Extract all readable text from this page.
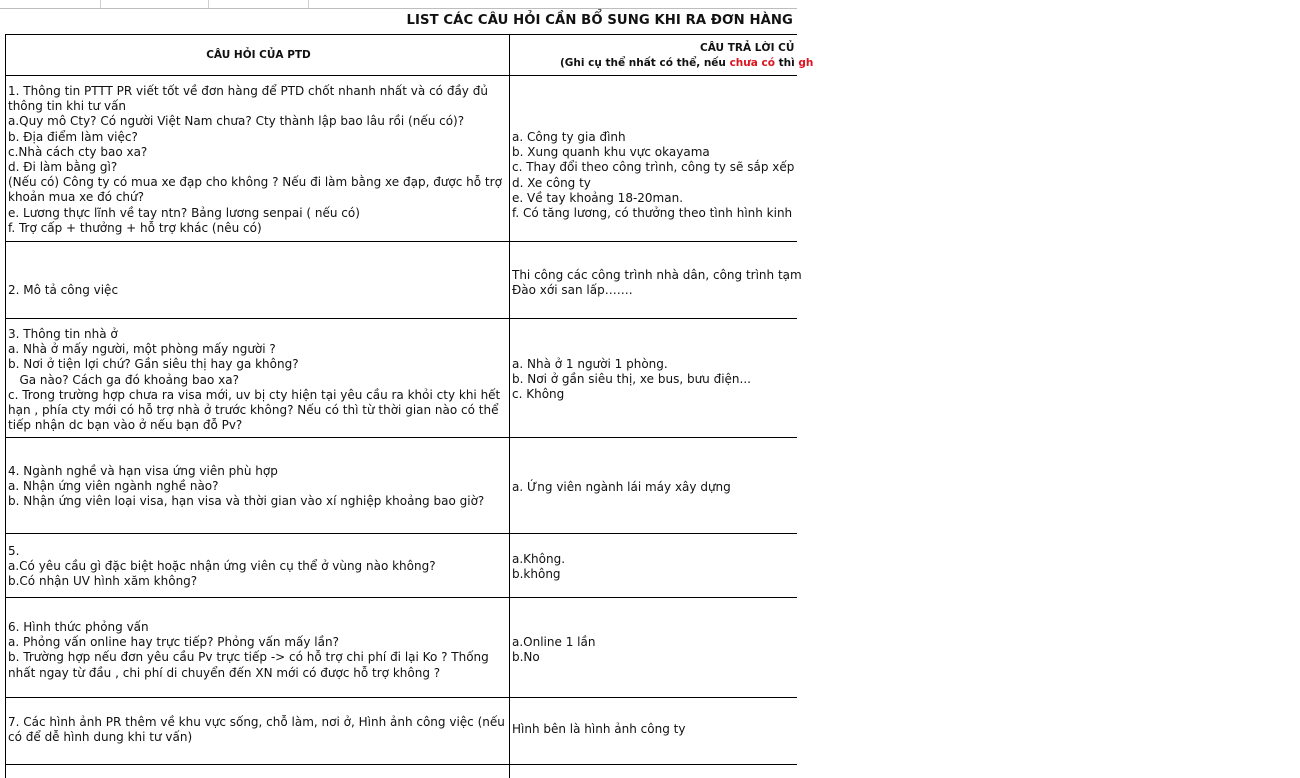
LIST CÁC CÂU HỎI CẦN BỔ SUNG KHI RA ĐƠN HÀNG
CÂU HỎI CỦA PTD
CÂU TRẢ LỜI CỦ
(Ghi cụ thể nhất có thể, nếu chưa có thì gh
1. Thông tin PTTT PR viết tốt về đơn hàng để PTD chốt nhanh nhất và có đầy đủ
thông tin khi tư vấn
a.Quy mô Cty? Có người Việt Nam chưa? Cty thành lập bao lâu rồi (nếu có)?
b. Địa điểm làm việc?
c.Nhà cách cty bao xa?
d. Đi làm bằng gì?
(Nếu có) Công ty có mua xe đạp cho không ? Nếu đi làm bằng xe đạp, được hỗ trợ
khoản mua xe đó chứ?
e. Lương thực lĩnh về tay ntn? Bảng lương senpai ( nếu có)
f. Trợ cấp + thưởng + hỗ trợ khác (nêu có)
a. Công ty gia đình
b. Xung quanh khu vực okayama
c. Thay đổi theo công trình, công ty sẽ sắp xếp
d. Xe công ty
e. Về tay khoảng 18-20man.
f. Có tăng lương, có thưởng theo tình hình kinh
2. Mô tả công việc
Thi công các công trình nhà dân, công trình tạm
Đào xới san lấp…….
3. Thông tin nhà ở
a. Nhà ở mấy người, một phòng mấy người ?
b. Nơi ở tiện lợi chứ? Gần siêu thị hay ga không?
Ga nào? Cách ga đó khoảng bao xa?
c. Trong trường hợp chưa ra visa mới, uv bị cty hiện tại yêu cầu ra khỏi cty khi hết
hạn , phía cty mới có hỗ trợ nhà ở trước không? Nếu có thì từ thời gian nào có thể
tiếp nhận dc bạn vào ở nếu bạn đỗ Pv?
a. Nhà ở 1 người 1 phòng.
b. Nơi ở gần siêu thị, xe bus, bưu điện...
c. Không
4. Ngành nghề và hạn visa ứng viên phù hợp
a. Nhận ứng viên ngành nghề nào?
b. Nhận ứng viên loại visa, hạn visa và thời gian vào xí nghiệp khoảng bao giờ?
a. Ứng viên ngành lái máy xây dựng
5.
a.Có yêu cầu gì đặc biệt hoặc nhận ứng viên cụ thể ở vùng nào không?
b.Có nhận UV hình xăm không?
a.Không.
b.không
6. Hình thức phỏng vấn
a. Phỏng vấn online hay trực tiếp? Phỏng vấn mấy lần?
b. Trường hợp nếu đơn yêu cầu Pv trực tiếp -> có hỗ trợ chi phí đi lại Ko ? Thống
nhất ngay từ đầu , chi phí di chuyển đến XN mới có được hỗ trợ không ?
a.Online 1 lần
b.No
7. Các hình ảnh PR thêm về khu vực sống, chỗ làm, nơi ở, Hình ảnh công việc (nếu
có để dễ hình dung khi tư vấn)
Hình bên là hình ảnh công ty
